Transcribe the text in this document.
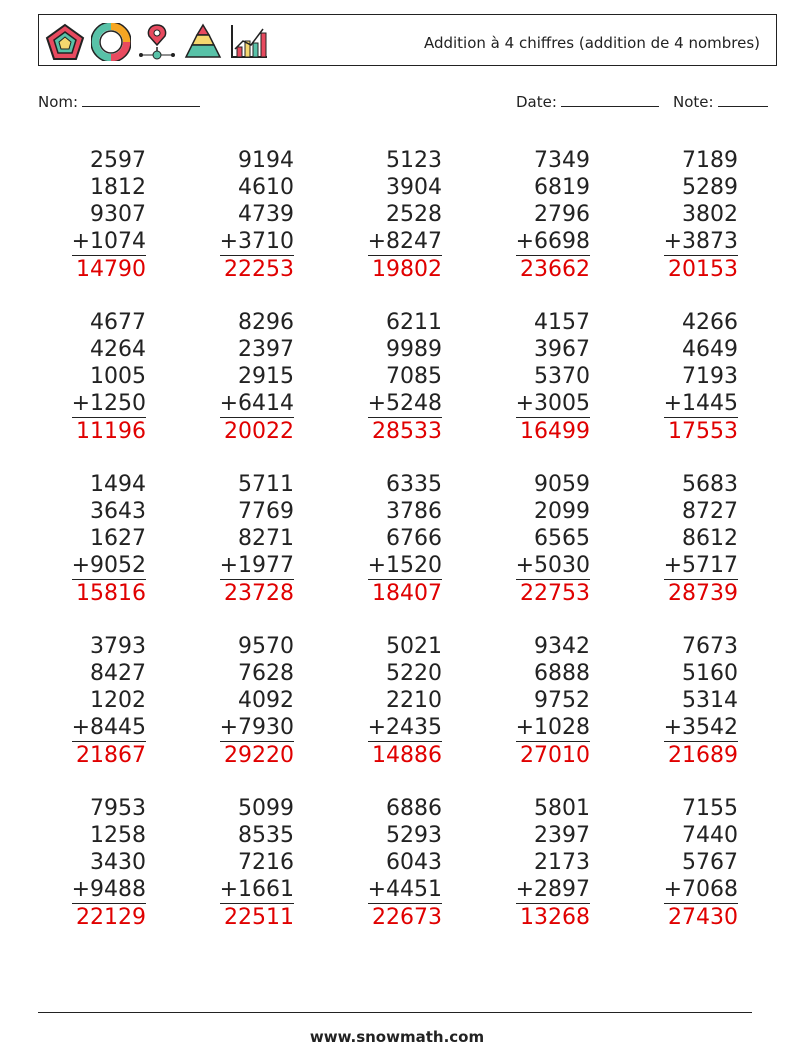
Addition à 4 chiffres (addition de 4 nombres)
Nom:	Date:	Note:
2597
1812
9307
+1074
14790
9194
4610
4739
+3710
22253
5123
3904
2528
+8247
19802
7349
6819
2796
+6698
23662
7189
5289
3802
+3873
20153
4677
4264
1005
+1250
11196
8296
2397
2915
+6414
20022
6211
9989
7085
+5248
28533
4157
3967
5370
+3005
16499
4266
4649
7193
+1445
17553
1494
3643
1627
+9052
15816
5711
7769
8271
+1977
23728
6335
3786
6766
+1520
18407
9059
2099
6565
+5030
22753
5683
8727
8612
+5717
28739
3793
8427
1202
+8445
21867
9570
7628
4092
+7930
29220
5021
5220
2210
+2435
14886
9342
6888
9752
+1028
27010
7673
5160
5314
+3542
21689
7953
1258
3430
+9488
22129
5099
8535
7216
+1661
22511
6886
5293
6043
+4451
22673
5801
2397
2173
+2897
13268
7155
7440
5767
+7068
27430
www.snowmath.com
